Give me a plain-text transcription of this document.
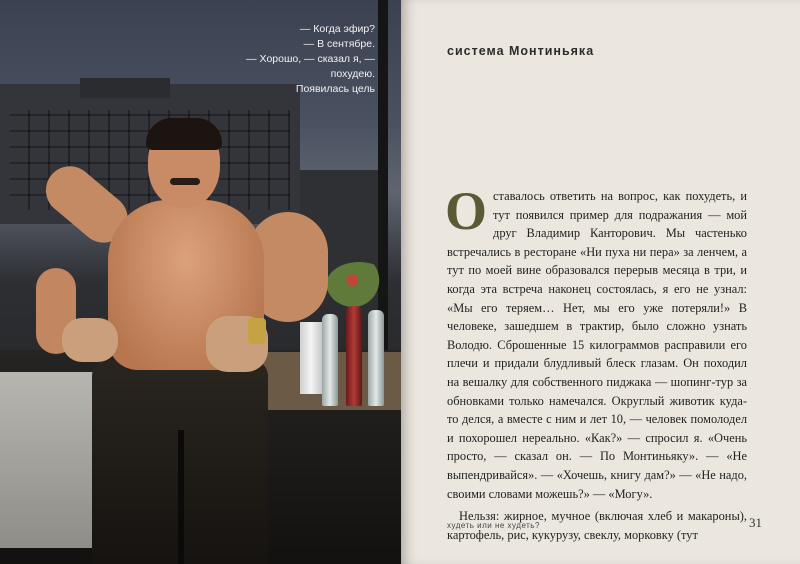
— Когда эфир?
— В сентябре.
— Хорошо, — сказал я, —
похудею.
Появилась цель

система Монтиньяка

О ставалось ответить на вопрос, как похудеть, и тут появился пример для подражания — мой друг Владимир Канторович. Мы частенько встречались в ресторане «Ни пуха ни пера» за ленчем, а тут по моей вине образовался перерыв месяца в три, и когда эта встреча наконец состоялась, я его не узнал: «Мы его теряем… Нет, мы его уже потеряли!» В человеке, зашедшем в трактир, было сложно узнать Володю. Сброшенные 15 килограммов расправили его плечи и придали блудливый блеск глазам. Он походил на вешалку для собственного пиджака — шопинг-тур за обновками только намечался. Округлый животик куда-то делся, а вместе с ним и лет 10, — человек помолодел и похорошел нереально. «Как?» — спросил я. «Очень просто, — сказал он. — По Монтиньяку». — «Не выпендривайся». — «Хочешь, книгу дам?» — «Не надо, своими словами можешь?» — «Могу».
Нельзя: жирное, мучное (включая хлеб и макароны), картофель, рис, кукурузу, свеклу, морковку (тут

худеть или не худеть?	31
